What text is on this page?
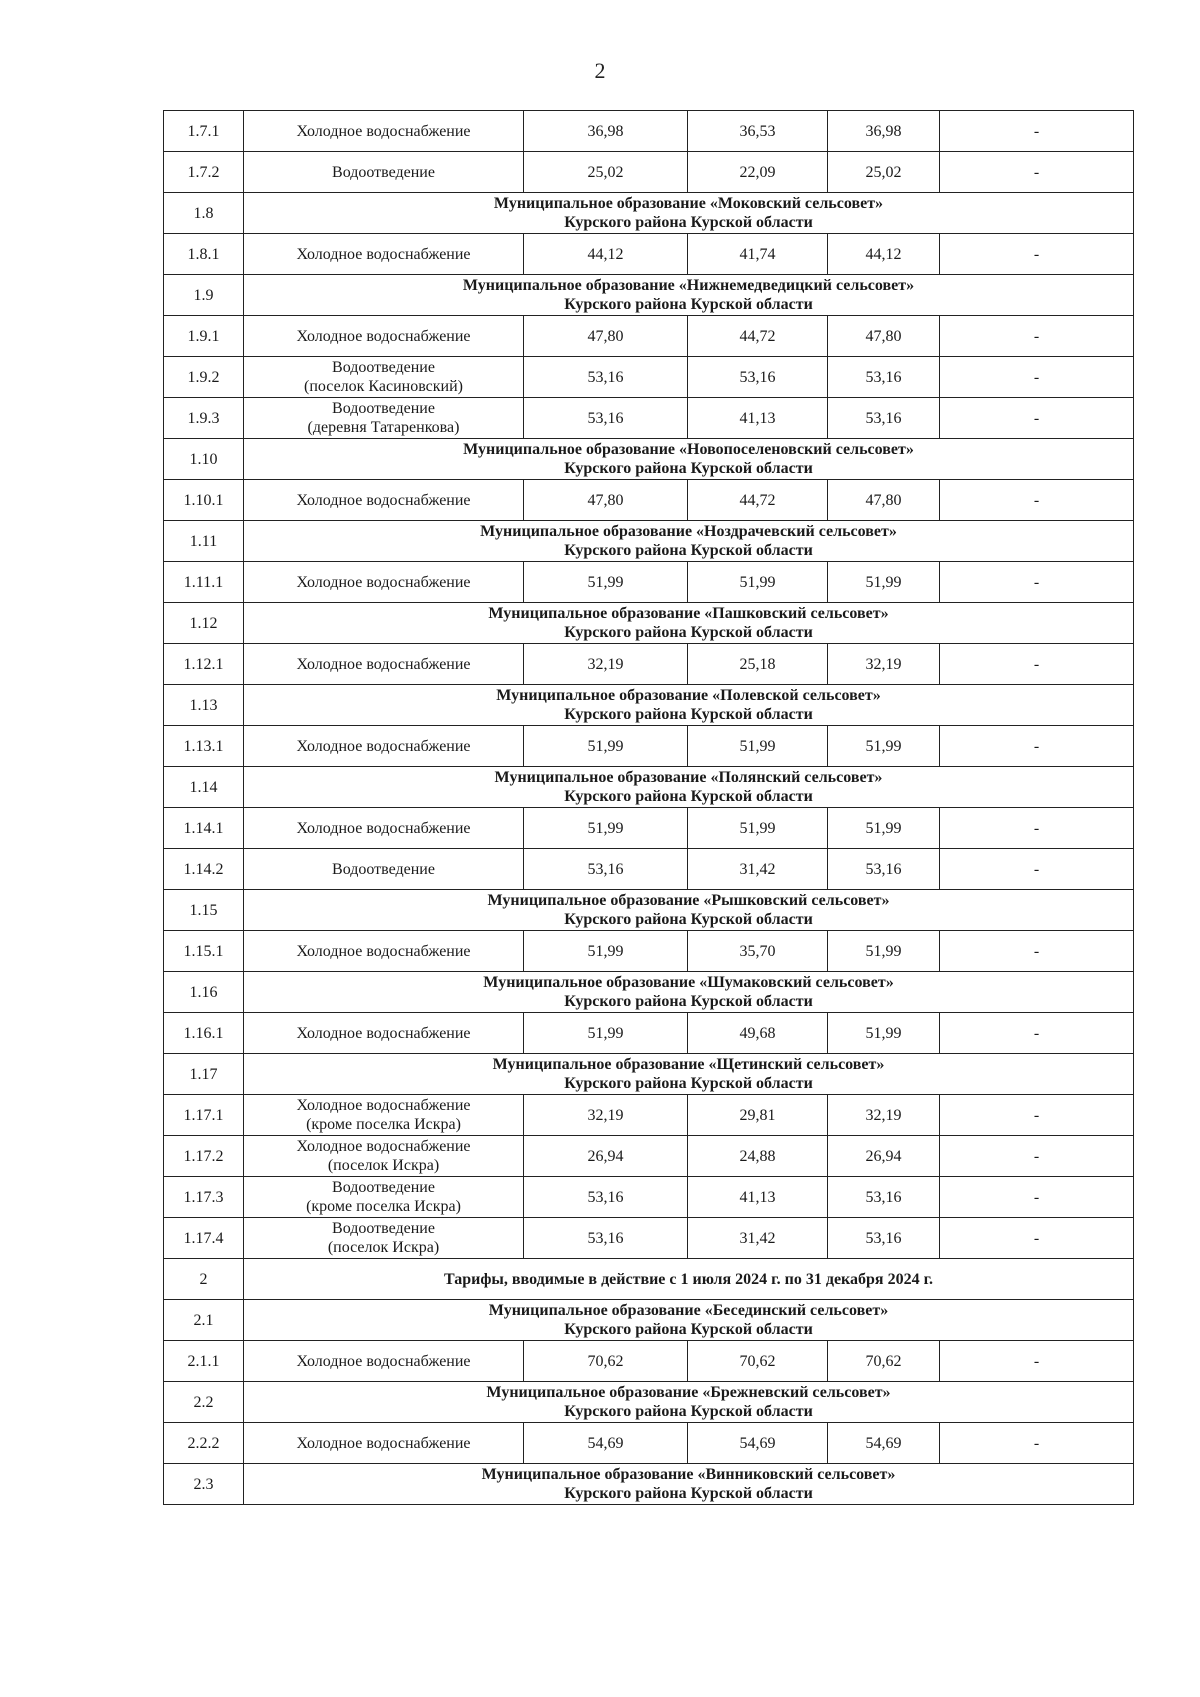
2
1.7.1	Холодное водоснабжение	36,98	36,53	36,98	-
1.7.2	Водоотведение	25,02	22,09	25,02	-
1.8	Муниципальное образование «Моковский сельсовет»
Курского района Курской области				

1.8.1	Холодное водоснабжение	44,12	41,74	44,12	-
1.9	Муниципальное образование «Нижнемедведицкий сельсовет»
Курского района Курской области				

1.9.1	Холодное водоснабжение	47,80	44,72	47,80	-
1.9.2	Водоотведение
(поселок Касиновский)	53,16	53,16	53,16	-
1.9.3	Водоотведение
(деревня Татаренкова)	53,16	41,13	53,16	-
1.10	Муниципальное образование «Новопоселеновский сельсовет»
Курского района Курской области				

1.10.1	Холодное водоснабжение	47,80	44,72	47,80	-
1.11	Муниципальное образование «Ноздрачевский сельсовет»
Курского района Курской области				

1.11.1	Холодное водоснабжение	51,99	51,99	51,99	-
1.12	Муниципальное образование «Пашковский сельсовет»
Курского района Курской области				

1.12.1	Холодное водоснабжение	32,19	25,18	32,19	-
1.13	Муниципальное образование «Полевской сельсовет»
Курского района Курской области				

1.13.1	Холодное водоснабжение	51,99	51,99	51,99	-
1.14	Муниципальное образование «Полянский сельсовет»
Курского района Курской области				

1.14.1	Холодное водоснабжение	51,99	51,99	51,99	-
1.14.2	Водоотведение	53,16	31,42	53,16	-
1.15	Муниципальное образование «Рышковский сельсовет»
Курского района Курской области				

1.15.1	Холодное водоснабжение	51,99	35,70	51,99	-
1.16	Муниципальное образование «Шумаковский сельсовет»
Курского района Курской области				

1.16.1	Холодное водоснабжение	51,99	49,68	51,99	-
1.17	Муниципальное образование «Щетинский сельсовет»
Курского района Курской области				

1.17.1	Холодное водоснабжение
(кроме поселка Искра)	32,19	29,81	32,19	-
1.17.2	Холодное водоснабжение
(поселок Искра)	26,94	24,88	26,94	-
1.17.3	Водоотведение
(кроме поселка Искра)	53,16	41,13	53,16	-
1.17.4	Водоотведение
(поселок Искра)	53,16	31,42	53,16	-
2	Тарифы, вводимые в действие с 1 июля 2024 г. по 31 декабря 2024 г.				

2.1	Муниципальное образование «Бесединский сельсовет»
Курского района Курской области				

2.1.1	Холодное водоснабжение	70,62	70,62	70,62	-
2.2	Муниципальное образование «Брежневский сельсовет»
Курского района Курской области				

2.2.2	Холодное водоснабжение	54,69	54,69	54,69	-
2.3	Муниципальное образование «Винниковский сельсовет»
Курского района Курской области				
